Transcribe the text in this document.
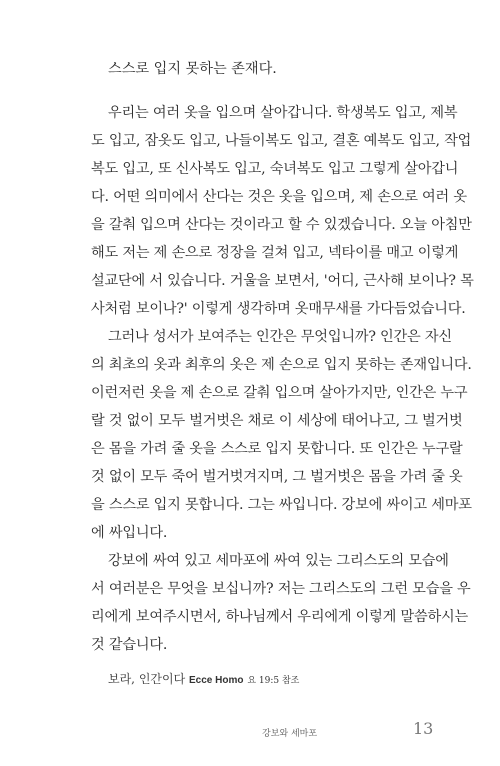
스스로 입지 못하는 존재다.
우리는 여러 옷을 입으며 살아갑니다. 학생복도 입고, 제복
도 입고, 잠옷도 입고, 나들이복도 입고, 결혼 예복도 입고, 작업
복도 입고, 또 신사복도 입고, 숙녀복도 입고 그렇게 살아갑니
다. 어떤 의미에서 산다는 것은 옷을 입으며, 제 손으로 여러 옷
을 갈춰 입으며 산다는 것이라고 할 수 있겠습니다. 오늘 아침만
해도 저는 제 손으로 정장을 걸쳐 입고, 넥타이를 매고 이렇게
설교단에 서 있습니다. 거울을 보면서, '어디, 근사해 보이나? 목
사처럼 보이나?' 이렇게 생각하며 옷매무새를 가다듬었습니다.
그러나 성서가 보여주는 인간은 무엇입니까? 인간은 자신
의 최초의 옷과 최후의 옷은 제 손으로 입지 못하는 존재입니다.
이런저런 옷을 제 손으로 갈춰 입으며 살아가지만, 인간은 누구
랄 것 없이 모두 벌거벗은 채로 이 세상에 태어나고, 그 벌거벗
은 몸을 가려 줄 옷을 스스로 입지 못합니다. 또 인간은 누구랄
것 없이 모두 죽어 벌거벗겨지며, 그 벌거벗은 몸을 가려 줄 옷
을 스스로 입지 못합니다. 그는 싸입니다. 강보에 싸이고 세마포
에 싸입니다.
강보에 싸여 있고 세마포에 싸여 있는 그리스도의 모습에
서 여러분은 무엇을 보십니까? 저는 그리스도의 그런 모습을 우
리에게 보여주시면서, 하나님께서 우리에게 이렇게 말씀하시는
것 같습니다.
보라, 인간이다 Ecce Homo 요 19:5 참조
강보와 세마포	13
